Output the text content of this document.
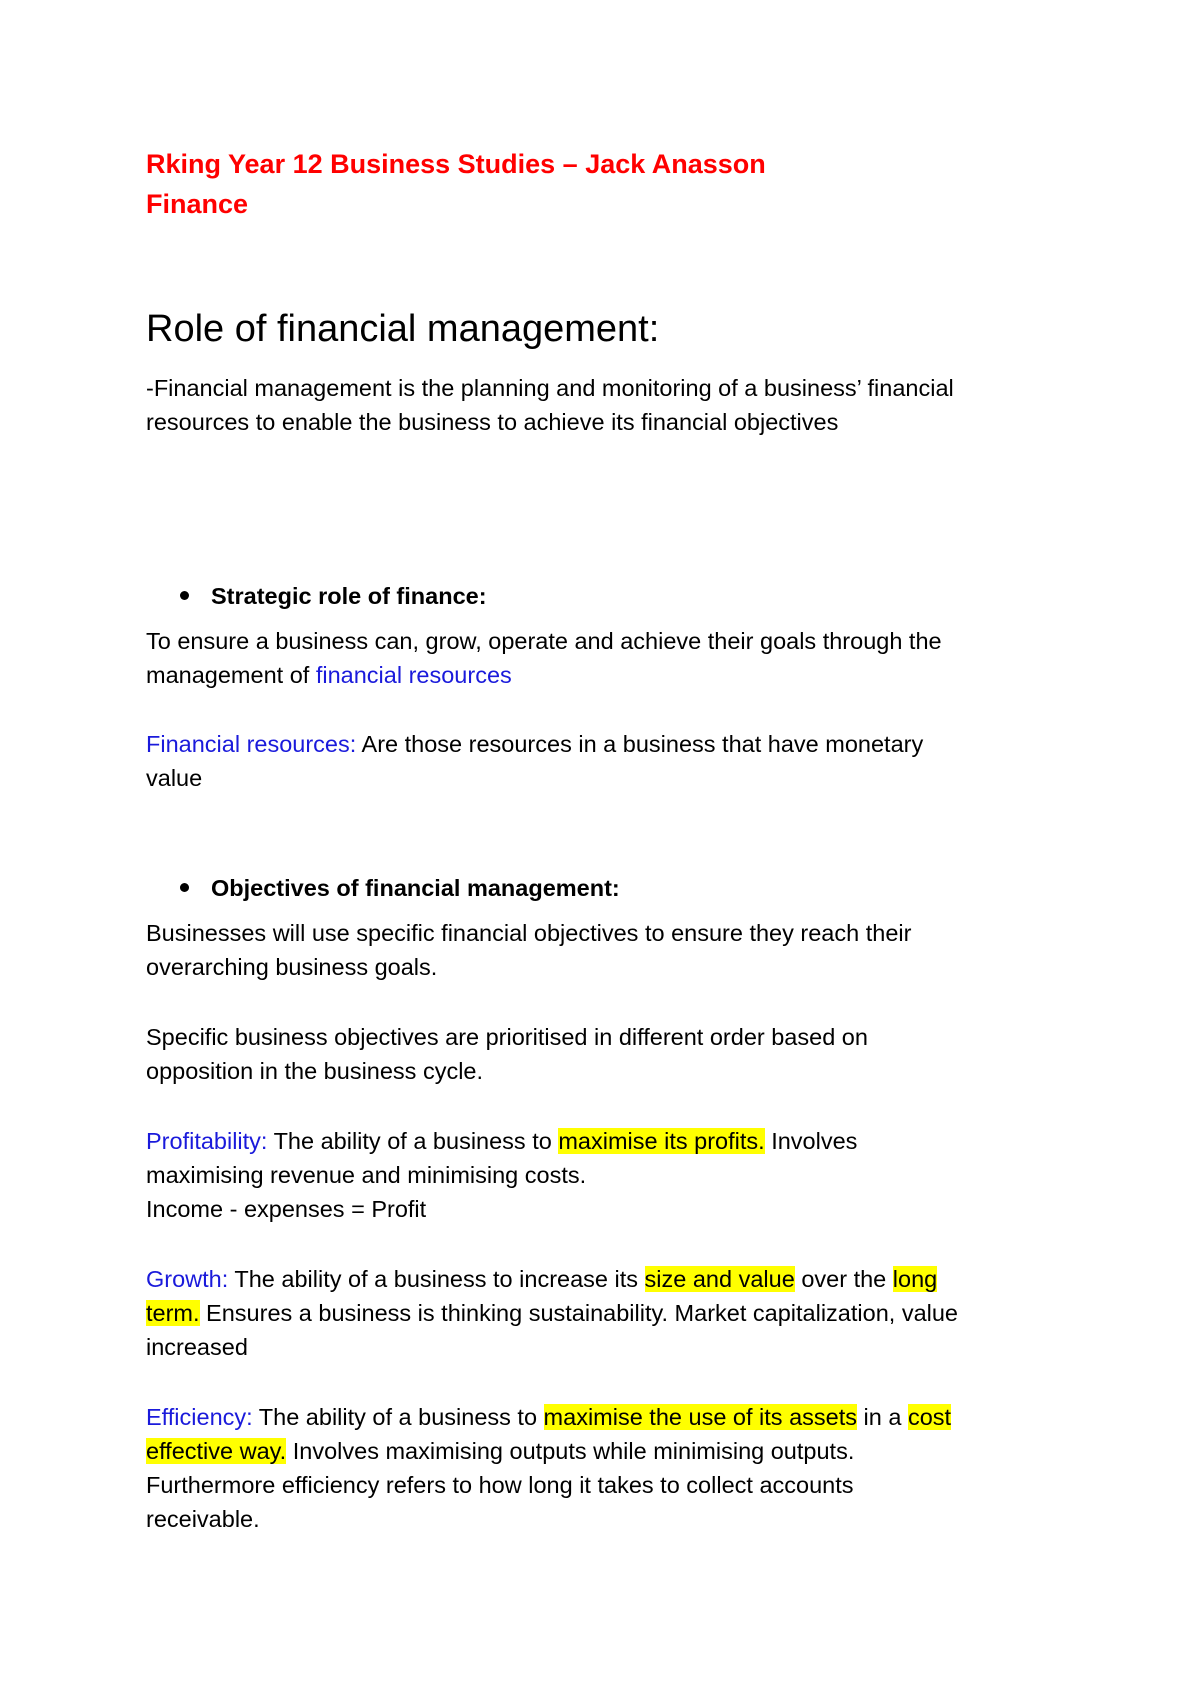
Rking Year 12 Business Studies – Jack Anasson
Finance
Role of financial management:
-Financial management is the planning and monitoring of a business’ financial
resources to enable the business to achieve its financial objectives
Strategic role of finance:
To ensure a business can, grow, operate and achieve their goals through the
management of financial resources
Financial resources: Are those resources in a business that have monetary
value
Objectives of financial management:
Businesses will use specific financial objectives to ensure they reach their
overarching business goals.
Specific business objectives are prioritised in different order based on
opposition in the business cycle.
Profitability: The ability of a business to maximise its profits. Involves
maximising revenue and minimising costs.
Income - expenses = Profit
Growth: The ability of a business to increase its size and value over the long
term. Ensures a business is thinking sustainability. Market capitalization, value
increased
Efficiency: The ability of a business to maximise the use of its assets in a cost
effective way. Involves maximising outputs while minimising outputs.
Furthermore efficiency refers to how long it takes to collect accounts
receivable.
